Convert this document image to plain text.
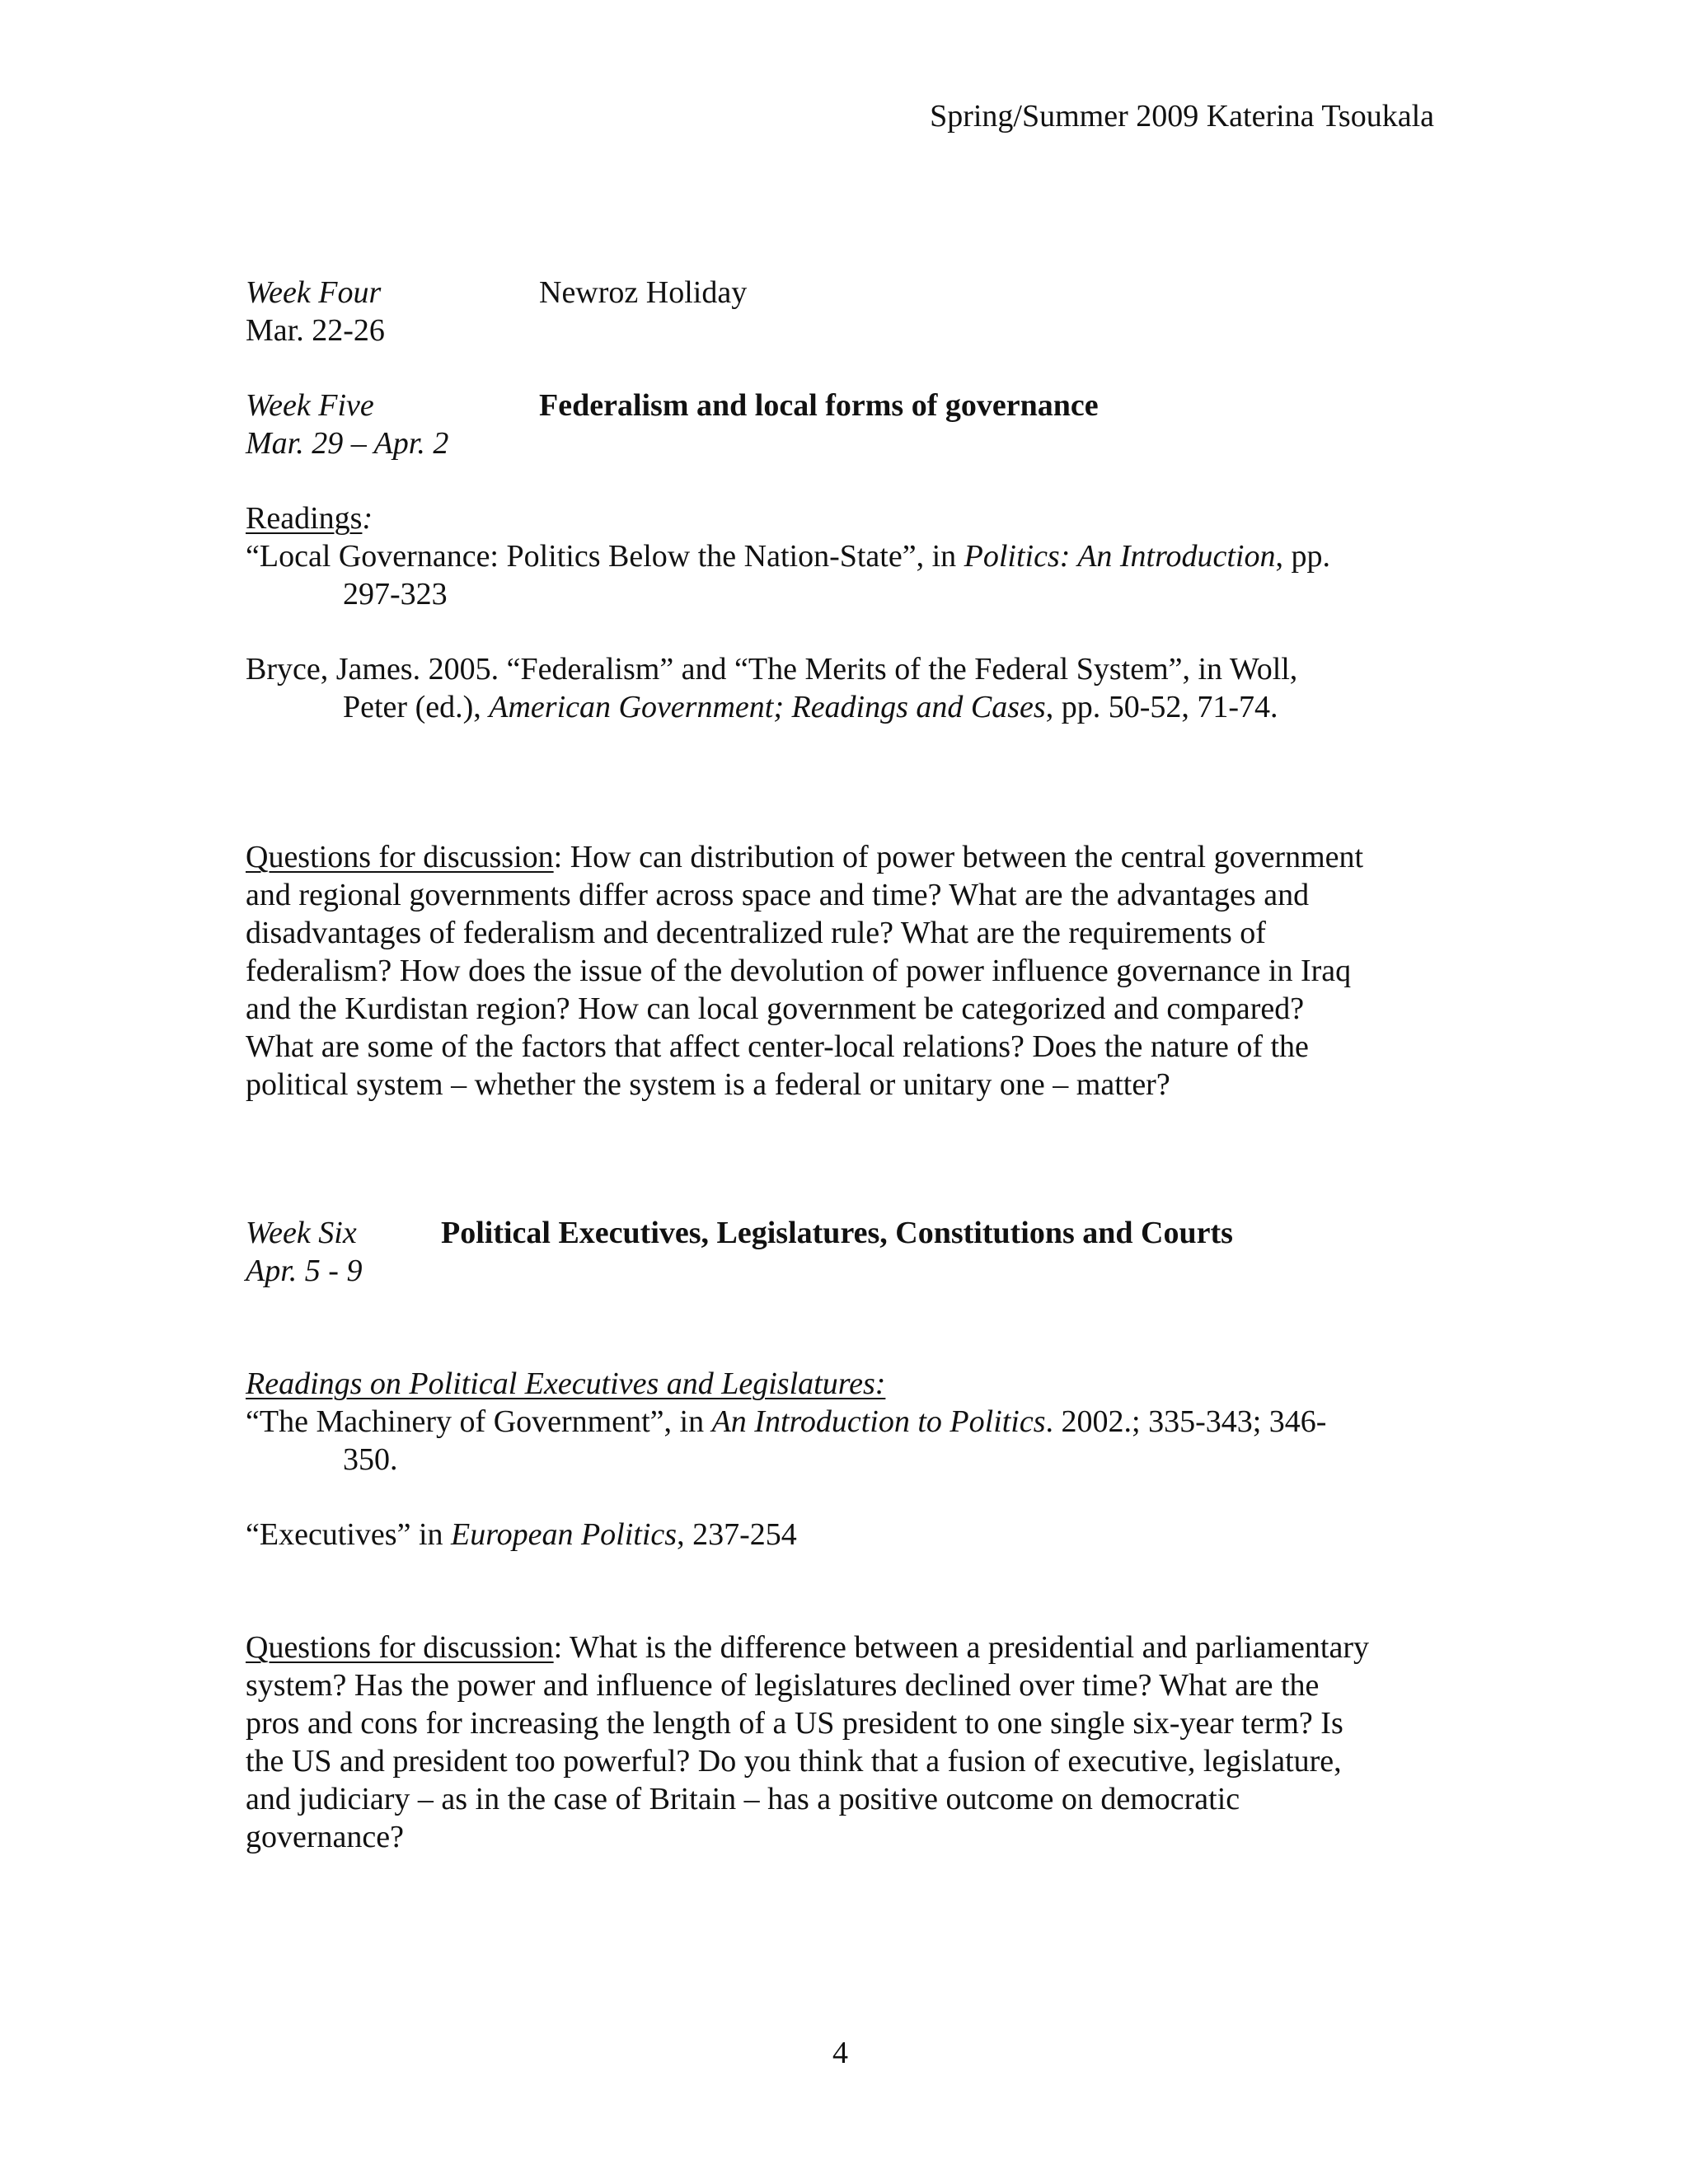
Spring/Summer 2009 Katerina Tsoukala
Week Four	Newroz Holiday
Mar. 22-26
Week Five	Federalism and local forms of governance
Mar. 29 – Apr. 2
Readings:
“Local Governance: Politics Below the Nation-State”, in Politics: An Introduction, pp.
297-323
Bryce, James. 2005. “Federalism” and “The Merits of the Federal System”, in Woll,
Peter (ed.), American Government; Readings and Cases, pp. 50-52, 71-74.
Questions for discussion: How can distribution of power between the central government
and regional governments differ across space and time? What are the advantages and
disadvantages of federalism and decentralized rule? What are the requirements of
federalism? How does the issue of the devolution of power influence governance in Iraq
and the Kurdistan region? How can local government be categorized and compared?
What are some of the factors that affect center-local relations? Does the nature of the
political system – whether the system is a federal or unitary one – matter?
Week Six	Political Executives, Legislatures, Constitutions and Courts
Apr. 5 - 9
Readings on Political Executives and Legislatures:
“The Machinery of Government”, in An Introduction to Politics. 2002.; 335-343; 346-
350.
“Executives” in European Politics, 237-254
Questions for discussion: What is the difference between a presidential and parliamentary
system? Has the power and influence of legislatures declined over time? What are the
pros and cons for increasing the length of a US president to one single six-year term? Is
the US and president too powerful? Do you think that a fusion of executive, legislature,
and judiciary – as in the case of Britain – has a positive outcome on democratic
governance?
4
